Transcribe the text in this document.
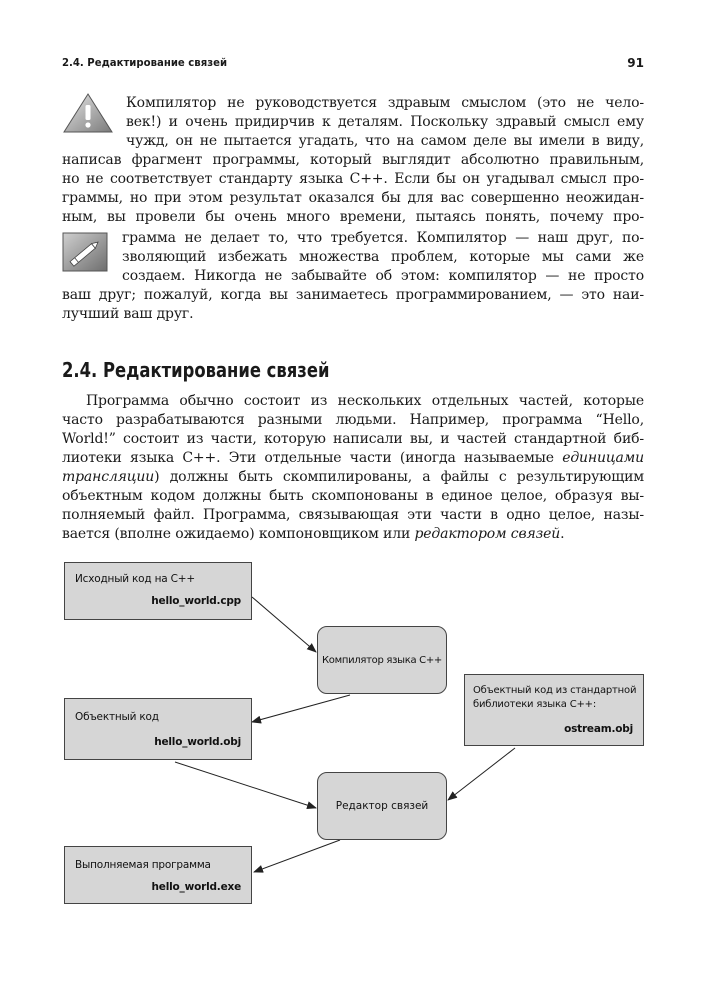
2.4. Редактирование связей	91
Компилятор не руководствуется здравым смыслом (это не чело-
век!) и очень придирчив к деталям. Поскольку здравый смысл ему
чужд, он не пытается угадать, что на самом деле вы имели в виду,
написав фрагмент программы, который выглядит абсолютно правильным,
но не соответствует стандарту языка С++. Если бы он угадывал смысл про-
граммы, но при этом результат оказался бы для вас совершенно неожидан-
ным, вы провели бы очень много времени, пытаясь понять, почему про-
грамма не делает то, что требуется. Компилятор — наш друг, по-
зволяющий избежать множества проблем, которые мы сами же
создаем. Никогда не забывайте об этом: компилятор — не просто
ваш друг; пожалуй, когда вы занимаетесь программированием, — это наи-
лучший ваш друг.
2.4. Редактирование связей
Программа обычно состоит из нескольких отдельных частей, которые
часто разрабатываются разными людьми. Например, программа “Hello,
World!” состоит из части, которую написали вы, и частей стандартной биб-
лиотеки языка С++. Эти отдельные части (иногда называемые единицами
трансляции) должны быть скомпилированы, а файлы с результирующим
объектным кодом должны быть скомпонованы в единое целое, образуя вы-
полняемый файл. Программа, связывающая эти части в одно целое, назы-
вается (вполне ожидаемо) компоновщиком или редактором связей.
Исходный код на С++
hello_world.cpp
Компилятор языка С++
Объектный код
hello_world.obj
Объектный код из стандартной
библиотеки языка С++:
ostream.obj
Редактор связей
Выполняемая программа
hello_world.exe
